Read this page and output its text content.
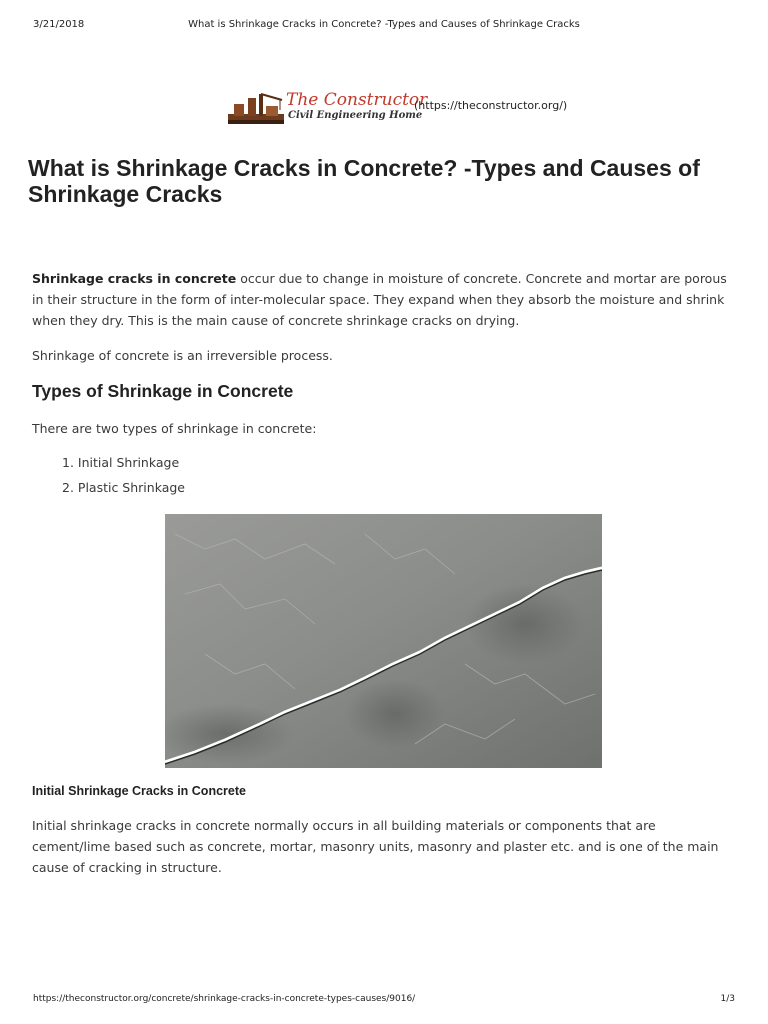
3/21/2018	What is Shrinkage Cracks in Concrete? -Types and Causes of Shrinkage Cracks
The Constructor
Civil Engineering Home
(https://theconstructor.org/)
What is Shrinkage Cracks in Concrete? -Types and Causes of Shrinkage Cracks

Shrinkage cracks in concrete occur due to change in moisture of concrete. Concrete and mortar are porous in their structure in the form of inter-molecular space. They expand when they absorb the moisture and shrink when they dry. This is the main cause of concrete shrinkage cracks on drying.

Shrinkage of concrete is an irreversible process.

Types of Shrinkage in Concrete

There are two types of shrinkage in concrete:

1. Initial Shrinkage
2. Plastic Shrinkage
Initial Shrinkage Cracks in Concrete

Initial shrinkage cracks in concrete normally occurs in all building materials or components that are cement/lime based such as concrete, mortar, masonry units, masonry and plaster etc. and is one of the main cause of cracking in structure.

https://theconstructor.org/concrete/shrinkage-cracks-in-concrete-types-causes/9016/	1/3
